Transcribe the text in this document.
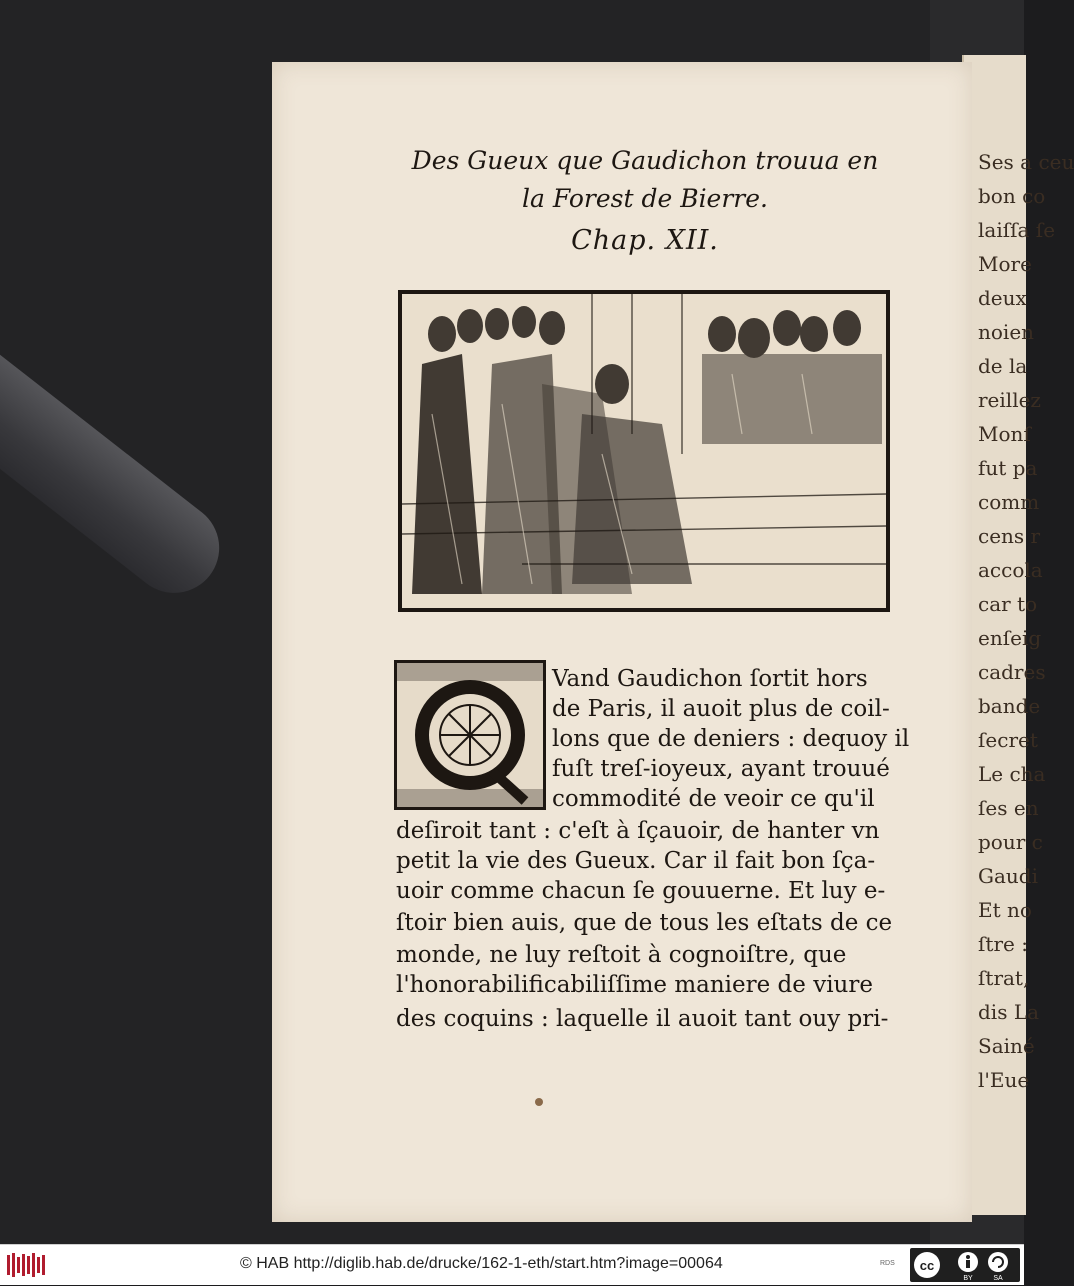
Ses a ceu
bon co
laiſſa ſe
More
deux
noien
de la
reillez
Monſ
fut pa
comm
cens r
accola
car to
enſeig
cadres
bande
ſecret
Le cha
ſes en
pour c
Gaudi
Et no
ſtre :
ſtrat,
dis La
Sainé
l'Eue
Des Gueux que Gaudichon trouua en
la Forest de Bierre.
Chap. XII.
Vand Gaudichon ſortit hors
de Paris, il auoit plus de coil-
lons que de deniers : dequoy il
fuſt treſ-ioyeux, ayant trouué
commodité de veoir ce qu'il
deſiroit tant : c'eſt à ſçauoir, de hanter vn
petit la vie des Gueux. Car il fait bon ſça-
uoir comme chacun ſe gouuerne. Et luy e-
ſtoir bien auis, que de tous les eſtats de ce
monde, ne luy reſtoit à cognoiſtre, que
l'honorabilificabiliſſime maniere de viure
des coquins : laquelle il auoit tant ouy pri-
© HAB http://diglib.hab.de/drucke/162-1-eth/start.htm?image=00064	RDS cc
BY	SA
